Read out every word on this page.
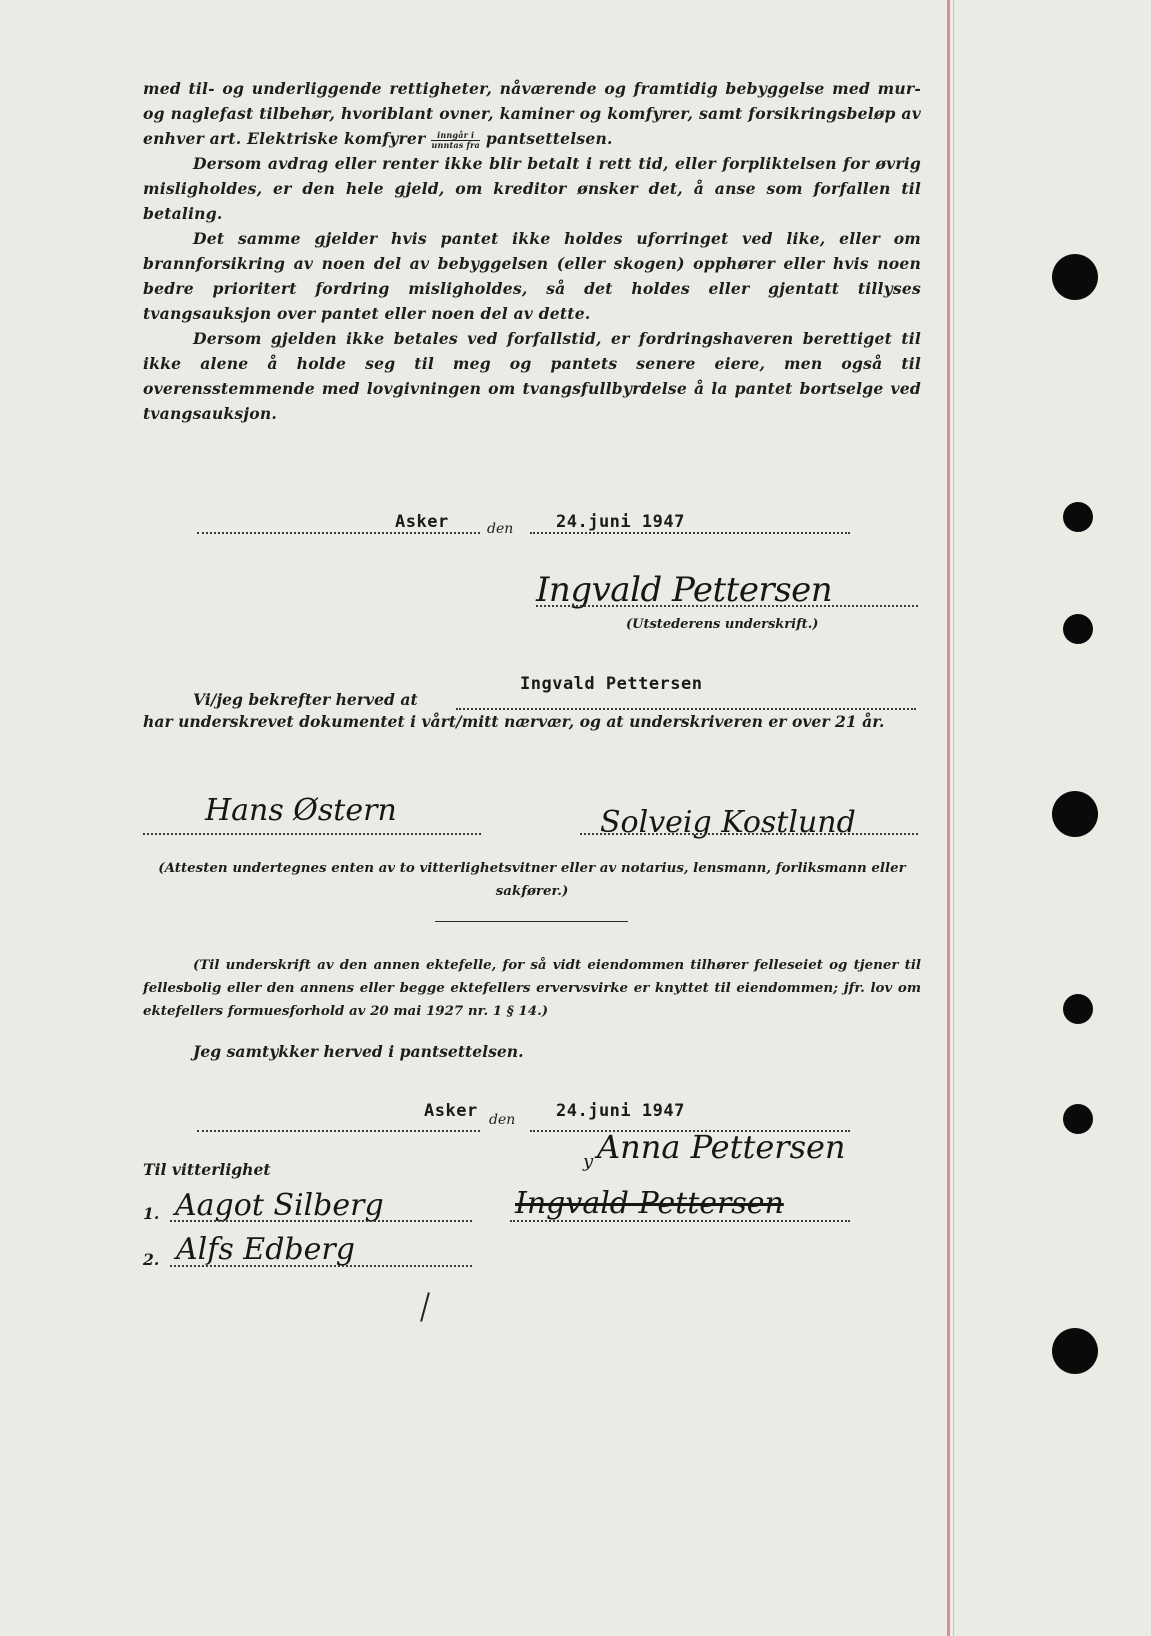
med til- og underliggende rettigheter, nåværende og framtidig bebyggelse med mur- og naglefast tilbehør, hvoriblant ovner, kaminer og komfyrer, samt forsikringsbeløp av enhver art. Elektriske komfyrer $\frac{\text{inngår i}}{\text{unntas fra}}$ pantsettelsen.

Dersom avdrag eller renter ikke blir betalt i rett tid, eller forpliktelsen for øvrig misligholdes, er den hele gjeld, om kreditor ønsker det, å anse som forfallen til betaling.

Det samme gjelder hvis pantet ikke holdes uforringet ved like, eller om brannforsikring av noen del av bebyggelsen (eller skogen) opphører eller hvis noen bedre prioritert fordring misligholdes, så det holdes eller gjentatt tillyses tvangsauksjon over pantet eller noen del av dette.

Dersom gjelden ikke betales ved forfallstid, er fordringshaveren berettiget til ikke alene å holde seg til meg og pantets senere eiere, men også til overensstemmende med lovgivningen om tvangsfullbyrdelse å la pantet bortselge ved tvangsauksjon.

Asker	den	24.juni 1947
Ingvald Pettersen
(Utstederens underskrift.)
Vi/jeg bekrefter herved at
Ingvald Pettersen
har underskrevet dokumentet i vårt/mitt nærvær, og at underskriveren er over 21 år.
Hans Østern	Solveig Kostlund
(Attesten undertegnes enten av to vitterlighetsvitner eller av notarius, lensmann, forliksmann eller sakfører.)
(Til underskrift av den annen ektefelle, for så vidt eiendommen tilhører felleseiet og tjener til fellesbolig eller den annens eller begge ektefellers ervervsvirke er knyttet til eiendommen; jfr. lov om ektefellers formuesforhold av 20 mai 1927 nr. 1 § 14.)
Jeg samtykker herved i pantsettelsen.
Asker den 24.juni 1947
y Anna Pettersen
Ingvald Pettersen
Til vitterlighet
1. Aagot Silberg
2. Alfs Edberg
